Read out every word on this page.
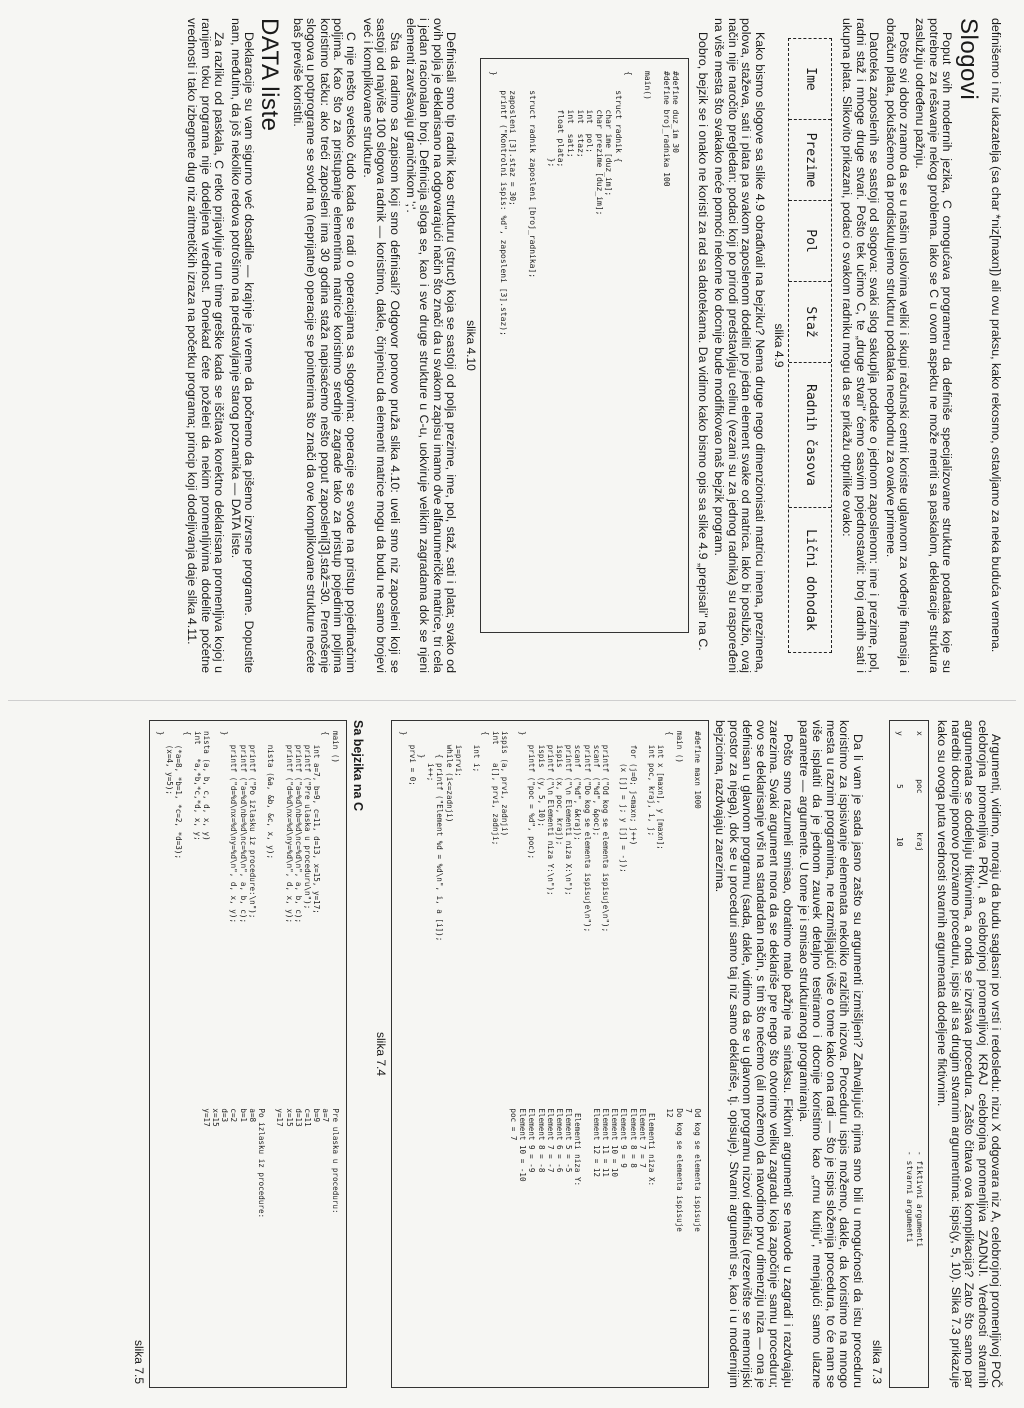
definišemo i niz ukazatelja (sa char *niz[maxn]) ali ovu praksu, kako rekosmo, ostavljamo za neka buduća vremena.

Slogovi

Poput svih modernih jezika, C omogućava programeru da definiše specijalizovane strukture podataka koje su potrebne za rešavanje nekog problema. Iako se C u ovom aspektu ne može meriti sa paskalom, deklaracije struktura zaslužuju određenu pažnju.

Pošto svi dobro znamo da se u našim uslovima veliki i skupi računski centri koriste uglavnom za vođenje finansija i obračun plata, pokušaćemo da prodiskutujemo strukturu podataka neophodnu za ovakve primene.

Datoteka zaposlenih se sastoji od slogova: svaki slog sakuplja podatke o jednom zaposlenom: ime i prezime, pol, radni staž i mnoge druge stvari. Pošto tek učimo C, te „druge stvari" ćemo sasvim pojednostaviti: broj radnih sati i ukupna plata. Slikovito prikazani, podaci o svakom radniku mogu da se prikažu otprilike ovako:

Ime
Prezime
Pol
Staž
Radnih časova
Lični dohodak
slika 4.9

Kako bismo slogove sa slike 4.9 obrađivali na bejziku? Nema druge nego dimenzionisati matricu imena, prezimena, polova, staževa, sati i plata pa svakom zaposlenom dodeliti po jedan element svake od matrica. Iako bi poslužio, ovaj način nije naročito pregledan: podaci koji po prirodi predstavljaju celinu (vezani su za jednog radnika) su raspoređeni na više mesta što svakako neće pomoći nekome ko docnije bude modifikovao naš bejzik program.

Dobro, bejzik se i onako ne koristi za rad sa datotekama. Da vidimo kako bismo opis sa slike 4.9 „prepisali" na C.

#define duz_im 30
#define broj_radnika 100

main()

{
struct radnik {
char ime [duz_im];
char prezime [duz_im];
int  pol;
int  staz;
int  sati;
float plata;
};

struct radnik zaposleni [broj_radnika];

zaposleni [3].staz = 30;
printf ("Kontrolni ispis: %d", zaposleni [3].staz);
}
slika 4.10

Definisali smo tip radnik kao strukturu (struct) koja se sastoji od polja prezime, ime, pol, staž, sati i plata; svako od ovih polja je deklarisano na odgovarajući način što znači da u svakom zapisu imamo dve alfanumeričke matrice, tri cela i jedan racionalan broj. Definicija sloga se, kao i sve druge strukture u C-u, uokviruje velikim zagradama dok se njeni elementi završavaju graničnikom ';'.

Šta da radimo sa zapisom koji smo definisali? Odgovor ponovo pruža slika 4.10: uveli smo niz zaposleni koji se sastoji od najviše 100 slogova radnik — koristimo, dakle, činjenicu da elementi matrice mogu da budu ne samo brojevi već i komplikovane strukture.

C nije nešto svetsko čudo kada se radi o operacijama sa slogovima: operacije se svode na pristup pojedinačnim poljima. Kao što za pristupanje elementima matrice koristimo srednje zagrade tako za pristup pojedinim poljima koristimo tačku: ako treći zaposleni ima 30 godina staža napisaćemo nešto poput zaposleni[3].staž=30. Prenošenje slogova u potprograme se svodi na (neprijatne) operacije se pointerima što znači da ove komplikovane strukture nećete baš previše koristiti.

DATA liste

Deklaracije su vam sigurno već dosadile — krajnje je vreme da počnemo da pišemo izvrsne programe. Dopustite nam, međutim, da još nekoliko redova potrošimo na predstavljanje starog poznanika — DATA liste.

Za razliku od paskala, C retko prijavljuje run time greške kada se iščitava korektno deklarisana promenljiva kojoj u ranijem toku programa nije dodeljena vrednost. Ponekad ćete poželeti da nekim promenljivima dodelite početne vrednosti i tako izbegnete dug niz aritmetičkih izraza na početku programa; princip koji dodeljivanja daje slika 4.11.

Argumenti, vidimo, moraju da budu saglasni po vrsti i redosledu: nizu X odgovara niz A, celobrojnoj promenljivoj POČ celobrojna promenljiva PRVI, a celobrojnoj promenljivoj KRAJ celobrojna promenljiva ZADNJI. Vrednosti stvarnih argumenata se dodeljuju fiktivnima, a onda se izvršava procedura. Zašto čitava ova komplikacija? Zato što samo par naredbi docnije ponovo pozivamo proceduru, ispis ali sa drugim stvarnim argumentima: ispis(y, 5, 10). Slika 7.3 prikazuje kako su ovoga puta vrednosti stvarnih argumenata dodeljene fiktivnim.

x         poc        kraj

y          5          10
- fiktivni argumenti
- stvarni argumenti
slika 7.3

Da li vam je sada jasno zašto su argumenti izmišljeni? Zahvaljujući njima smo bili u mogućnosti da istu proceduru koristimo za ispisivanje elemenata nekoliko različitih nizova. Proceduru ispis možemo, dakle, da koristimo na mnogo mesta u raznim programima, ne razmišljajući više o tome kako ona radi — što je ispis složenija procedura, to će nam se više isplatiti da je jednom zauvek detaljno testiramo i docnije koristimo kao „crnu kutiju", menjajući samo ulazne parametre — argumente. U tome je i smisao struktuiranog programiranja.

Pošto smo razumeli smisao, obratimo malo pažnje na sintaksu. Fiktivni argumenti se navode u zagradi i razdvajaju zarezima. Svaki argument mora da se deklariše pre nego što otvorimo veliku zagradu koja započinje samu proceduru; ovo se deklarisanje vrši na standardan način, s tim što nećemo (ali možemo) da navodimo prvu dimenziju niza — ona je definisan u glavnom programu (sada, dakle, vidimo da se u glavnom programu nizovi definišu (rezervište se memorijski prostor za njega), dok se u proceduri samo taj niz samo deklariše, tj. opisuje). Stvarni argumenti se, kao i u modernijim bejzicima, razdvajaju zarezima.

#define maxn 1000

main ()
{
int x [maxn], y [maxn];
int poc, kraj, i, j;

for (j=0; j<maxn; j++)
(x [j] = j; y [j] = -j);

printf ("Od kog se elementa ispisuje\n");
scanf  ("%d", &poc);
printf ("Do kog se elementa ispisuje\n");
scanf  ("%d", &kraj);
printf ("\n Elementi niza X:\n");
ispis  (x, poc, kraj);
printf ("\n Elementi niza Y:\n");
ispis  (y, 5, 10);
printf ("poc = %d", poc);
}

ispis (a, prvi, zadnji)
int    a[], prvi, zadnji;
{
int i;

i=prvi;
while (i<=zadnji)
{ printf ("Element %d = %d\n", i, a [i]);
i++;
}
prvi = 0;
}
Od kog se elementa ispisuje
7
Do kog se elementa ispisuje
12

Elementi niza X:
Element 7 = 7
Element 8 = 8
Element 9 = 9
Element 10 = 10
Element 11 = 11
Element 12 = 12

Elementi niza Y:
Element 5 = -5
Element 6 = -6
Element 7 = -7
Element 8 = -8
Element 9 = -9
Element 10 = -10
poc = 7
slika 7.4
Sa bejzika na C
main ()
{
int a=7, b=9, c=11, d=13, x=15, y=17;
printf ("Pre ulaska u proceduru\n");
printf ("a=%d\nb=%d\nc=%d\n", a, b, c);
printf ("d=%d\nx=%d\ny=%d\n", d, x, y);

nista (&a, &b, &c, x, y);

printf ("Po izlasku iz procedure:\n");
printf ("a=%d\nb=%d\nc=%d\n", a, b, c);
printf ("d=%d\nx=%d\ny=%d\n", d, x, y);
}

nista (a, b, c, d, x, y)
int   *a,*b,*c,*d, x, y;
{
(*a=8, *b=1, *c=2, *d=3);
(x=4, y=5);
}
Pre ulaska u proceduru:
a=7
b=9
c=11
d=13
x=15
y=17

Po izlasku iz procedure:
a=8
b=1
c=2
d=3
x=15
y=17
slika 7.5
